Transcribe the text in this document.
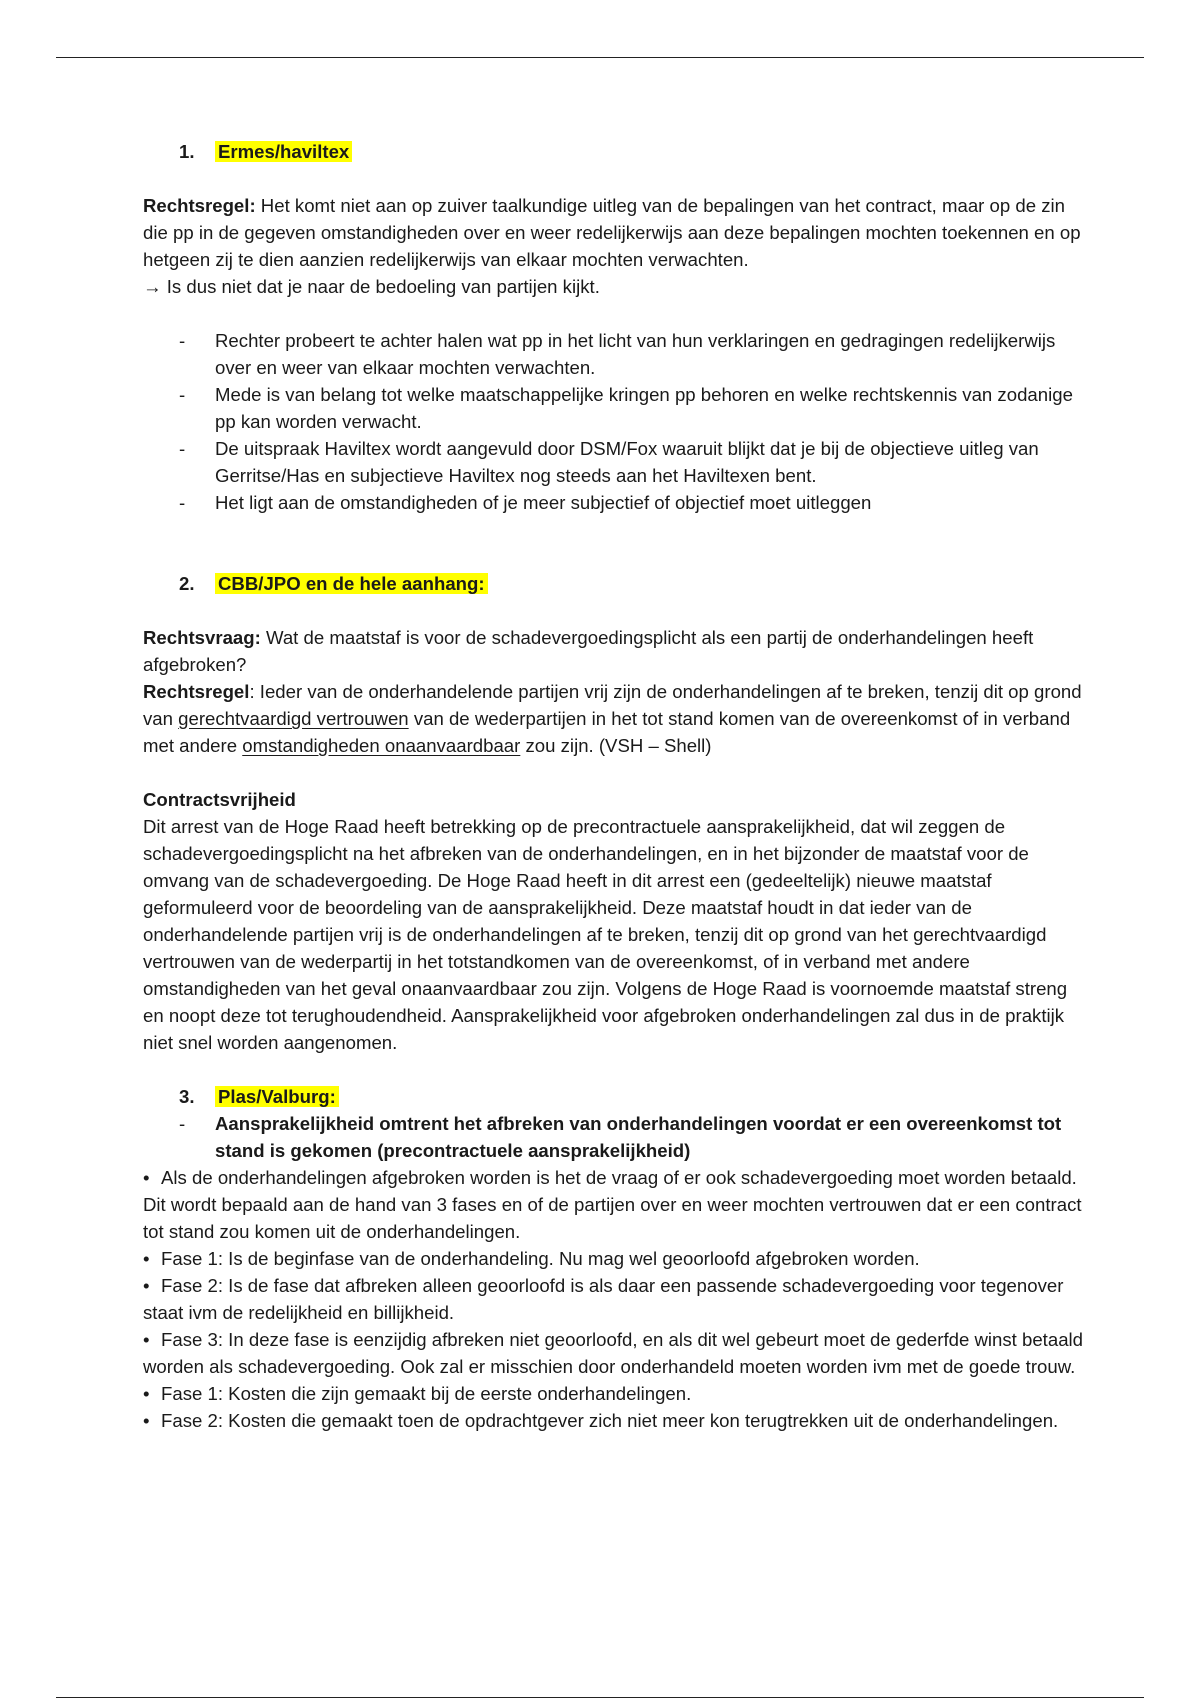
1.	Ermes/haviltex

Rechtsregel: Het komt niet aan op zuiver taalkundige uitleg van de bepalingen van het contract, maar op de zin die pp in de gegeven omstandigheden over en weer redelijkerwijs aan deze bepalingen mochten toekennen en op hetgeen zij te dien aanzien redelijkerwijs van elkaar mochten verwachten.

→ Is dus niet dat je naar de bedoeling van partijen kijkt.

-	Rechter probeert te achter halen wat pp in het licht van hun verklaringen en gedragingen redelijkerwijs over en weer van elkaar mochten verwachten.
-	Mede is van belang tot welke maatschappelijke kringen pp behoren en welke rechtskennis van zodanige pp kan worden verwacht.
-	De uitspraak Haviltex wordt aangevuld door DSM/Fox waaruit blijkt dat je bij de objectieve uitleg van Gerritse/Has en subjectieve Haviltex nog steeds aan het Haviltexen bent.
-	Het ligt aan de omstandigheden of je meer subjectief of objectief moet uitleggen
2.	CBB/JPO en de hele aanhang:

Rechtsvraag: Wat de maatstaf is voor de schadevergoedingsplicht als een partij de onderhandelingen heeft afgebroken?

Rechtsregel: Ieder van de onderhandelende partijen vrij zijn de onderhandelingen af te breken, tenzij dit op grond van gerechtvaardigd vertrouwen van de wederpartijen in het tot stand komen van de overeenkomst of in verband met andere omstandigheden onaanvaardbaar zou zijn. (VSH – Shell)

Contractsvrijheid

Dit arrest van de Hoge Raad heeft betrekking op de precontractuele aansprakelijkheid, dat wil zeggen de schadevergoedingsplicht na het afbreken van de onderhandelingen, en in het bijzonder de maatstaf voor de omvang van de schadevergoeding. De Hoge Raad heeft in dit arrest een (gedeeltelijk) nieuwe maatstaf geformuleerd voor de beoordeling van de aansprakelijkheid. Deze maatstaf houdt in dat ieder van de onderhandelende partijen vrij is de onderhandelingen af te breken, tenzij dit op grond van het gerechtvaardigd vertrouwen van de wederpartij in het totstandkomen van de overeenkomst, of in verband met andere omstandigheden van het geval onaanvaardbaar zou zijn. Volgens de Hoge Raad is voornoemde maatstaf streng en noopt deze tot terughoudendheid. Aansprakelijkheid voor afgebroken onderhandelingen zal dus in de praktijk niet snel worden aangenomen.

3.	Plas/Valburg:
-	Aansprakelijkheid omtrent het afbreken van onderhandelingen voordat er een overeenkomst tot stand is gekomen (precontractuele aansprakelijkheid)

• Als de onderhandelingen afgebroken worden is het de vraag of er ook schadevergoeding moet worden betaald. Dit wordt bepaald aan de hand van 3 fases en of de partijen over en weer mochten vertrouwen dat er een contract tot stand zou komen uit de onderhandelingen.

• Fase 1: Is de beginfase van de onderhandeling. Nu mag wel geoorloofd afgebroken worden.

• Fase 2: Is de fase dat afbreken alleen geoorloofd is als daar een passende schadevergoeding voor tegenover staat ivm de redelijkheid en billijkheid.

• Fase 3: In deze fase is eenzijdig afbreken niet geoorloofd, en als dit wel gebeurt moet de gederfde winst betaald worden als schadevergoeding. Ook zal er misschien door onderhandeld moeten worden ivm met de goede trouw.

• Fase 1: Kosten die zijn gemaakt bij de eerste onderhandelingen.

• Fase 2: Kosten die gemaakt toen de opdrachtgever zich niet meer kon terugtrekken uit de onderhandelingen.
